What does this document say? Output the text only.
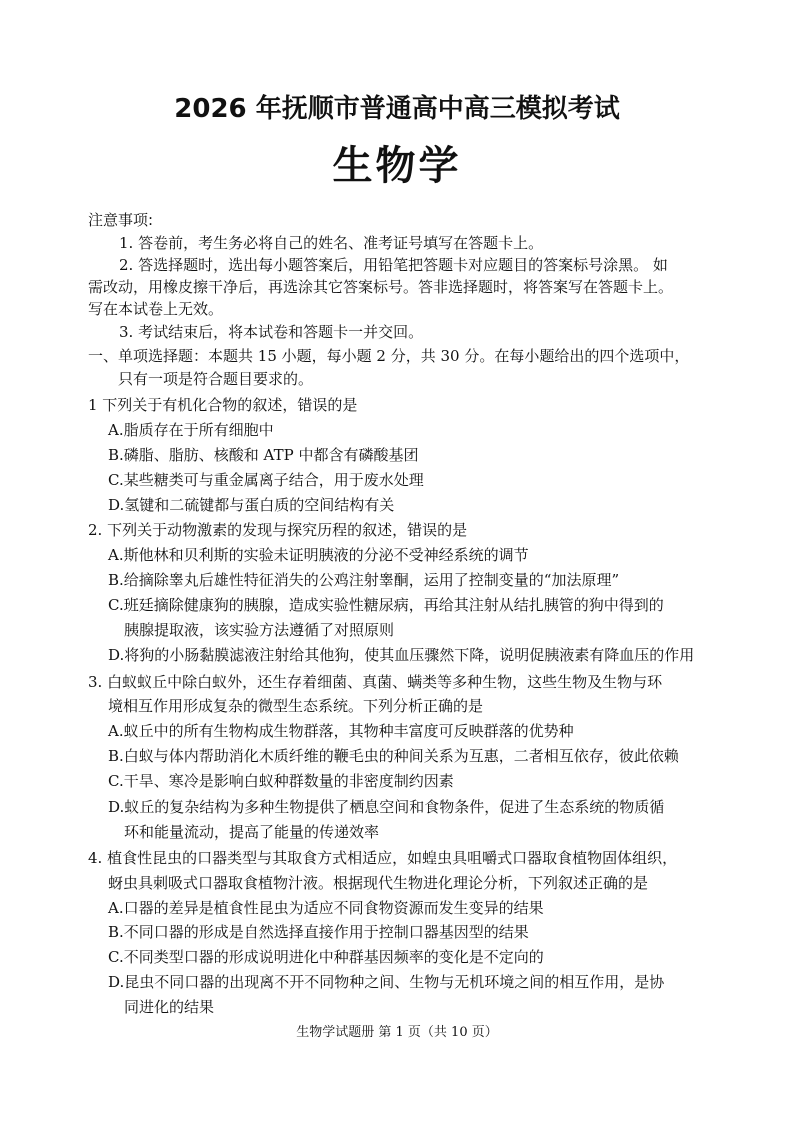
2026 年抚顺市普通高中高三模拟考试
生物学
注意事项:
1. 答卷前，考生务必将自己的姓名、准考证号填写在答题卡上。
2. 答选择题时，选出每小题答案后，用铅笔把答题卡对应题目的答案标号涂黑。 如
需改动，用橡皮擦干净后，再选涂其它答案标号。答非选择题时，将答案写在答题卡上。
写在本试卷上无效。
3. 考试结束后，将本试卷和答题卡一并交回。
一、单项选择题：本题共 15 小题，每小题 2 分，共 30 分。在每小题给出的四个选项中，
只有一项是符合题目要求的。
1 下列关于有机化合物的叙述，错误的是
A.脂质存在于所有细胞中
B.磷脂、脂肪、核酸和 ATP 中都含有磷酸基团
C.某些糖类可与重金属离子结合，用于废水处理
D.氢键和二硫键都与蛋白质的空间结构有关
2. 下列关于动物激素的发现与探究历程的叙述，错误的是
A.斯他林和贝利斯的实验未证明胰液的分泌不受神经系统的调节
B.给摘除睾丸后雄性特征消失的公鸡注射睾酮，运用了控制变量的“加法原理”
C.班廷摘除健康狗的胰腺，造成实验性糖尿病，再给其注射从结扎胰管的狗中得到的
胰腺提取液，该实验方法遵循了对照原则
D.将狗的小肠黏膜滤液注射给其他狗，使其血压骤然下降，说明促胰液素有降血压的作用
3. 白蚁蚁丘中除白蚁外，还生存着细菌、真菌、螨类等多种生物，这些生物及生物与环
境相互作用形成复杂的微型生态系统。下列分析正确的是
A.蚁丘中的所有生物构成生物群落，其物种丰富度可反映群落的优势种
B.白蚁与体内帮助消化木质纤维的鞭毛虫的种间关系为互惠，二者相互依存，彼此依赖
C.干旱、寒冷是影响白蚁种群数量的非密度制约因素
D.蚁丘的复杂结构为多种生物提供了栖息空间和食物条件，促进了生态系统的物质循
环和能量流动，提高了能量的传递效率
4. 植食性昆虫的口器类型与其取食方式相适应，如蝗虫具咀嚼式口器取食植物固体组织，
蚜虫具刺吸式口器取食植物汁液。根据现代生物进化理论分析，下列叙述正确的是
A.口器的差异是植食性昆虫为适应不同食物资源而发生变异的结果
B.不同口器的形成是自然选择直接作用于控制口器基因型的结果
C.不同类型口器的形成说明进化中种群基因频率的变化是不定向的
D.昆虫不同口器的出现离不开不同物种之间、生物与无机环境之间的相互作用，是协
同进化的结果
生物学试题册 第 1 页（共 10 页）
